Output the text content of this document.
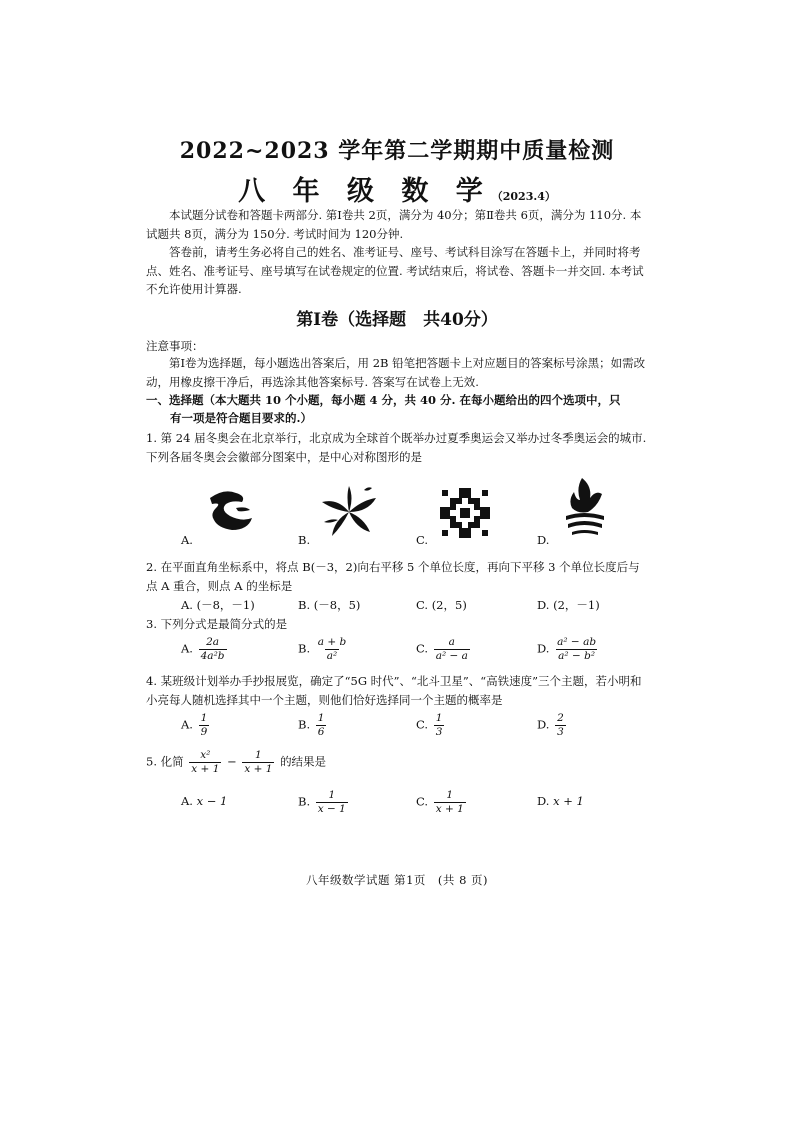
2022~2023 学年第二学期期中质量检测
八 年 级 数 学（2023.4）
本试题分试卷和答题卡两部分. 第Ⅰ卷共 2页，满分为 40分；第Ⅱ卷共 6页，满分为 110分. 本试题共 8页，满分为 150分. 考试时间为 120分钟.
答卷前，请考生务必将自己的姓名、准考证号、座号、考试科目涂写在答题卡上，并同时将考点、姓名、准考证号、座号填写在试卷规定的位置. 考试结束后，将试卷、答题卡一并交回. 本考试不允许使用计算器.
第Ⅰ卷（选择题　共40分）
注意事项：
第Ⅰ卷为选择题，每小题选出答案后，用 2B 铅笔把答题卡上对应题目的答案标号涂黑；如需改动，用橡皮擦干净后，再选涂其他答案标号. 答案写在试卷上无效.
一、选择题（本大题共 10 个小题，每小题 4 分，共 40 分. 在每小题给出的四个选项中，只
有一项是符合题目要求的.）
1. 第 24 届冬奥会在北京举行，北京成为全球首个既举办过夏季奥运会又举办过冬季奥运会的城市. 下列各届冬奥会会徽部分图案中，是中心对称图形的是
A.	B.	C.	D.
2. 在平面直角坐标系中，将点 B(－3，2)向右平移 5 个单位长度，再向下平移 3 个单位长度后与点 A 重合，则点 A 的坐标是
A. (－8，－1)	B. (－8，5)	C. (2，5)	D. (2，－1)
3. 下列分式是最简分式的是
A. $\frac{2a}{\text{4a²b}}$	B. $\frac{a + b}{\text{a²}}$	C. $\frac{a}{\text{a² − a}}$	D. $\frac{\text{a² − ab}}{\text{a² − b²}}$
4. 某班级计划举办手抄报展览，确定了“5G 时代”、“北斗卫星”、“高铁速度”三个主题，若小明和小亮每人随机选择其中一个主题，则他们恰好选择同一个主题的概率是
A. $\frac{1}{9}$	B. $\frac{1}{6}$	C. $\frac{1}{3}$	D. $\frac{2}{3}$
5. 化简 $\frac{\text{x²}}{x + 1} - \frac{1}{x + 1}$ 的结果是
A. x − 1	B. $\frac{1}{x - 1}$	C. $\frac{1}{x + 1}$	D. x + 1
八年级数学试题 第1页　(共 8 页)
